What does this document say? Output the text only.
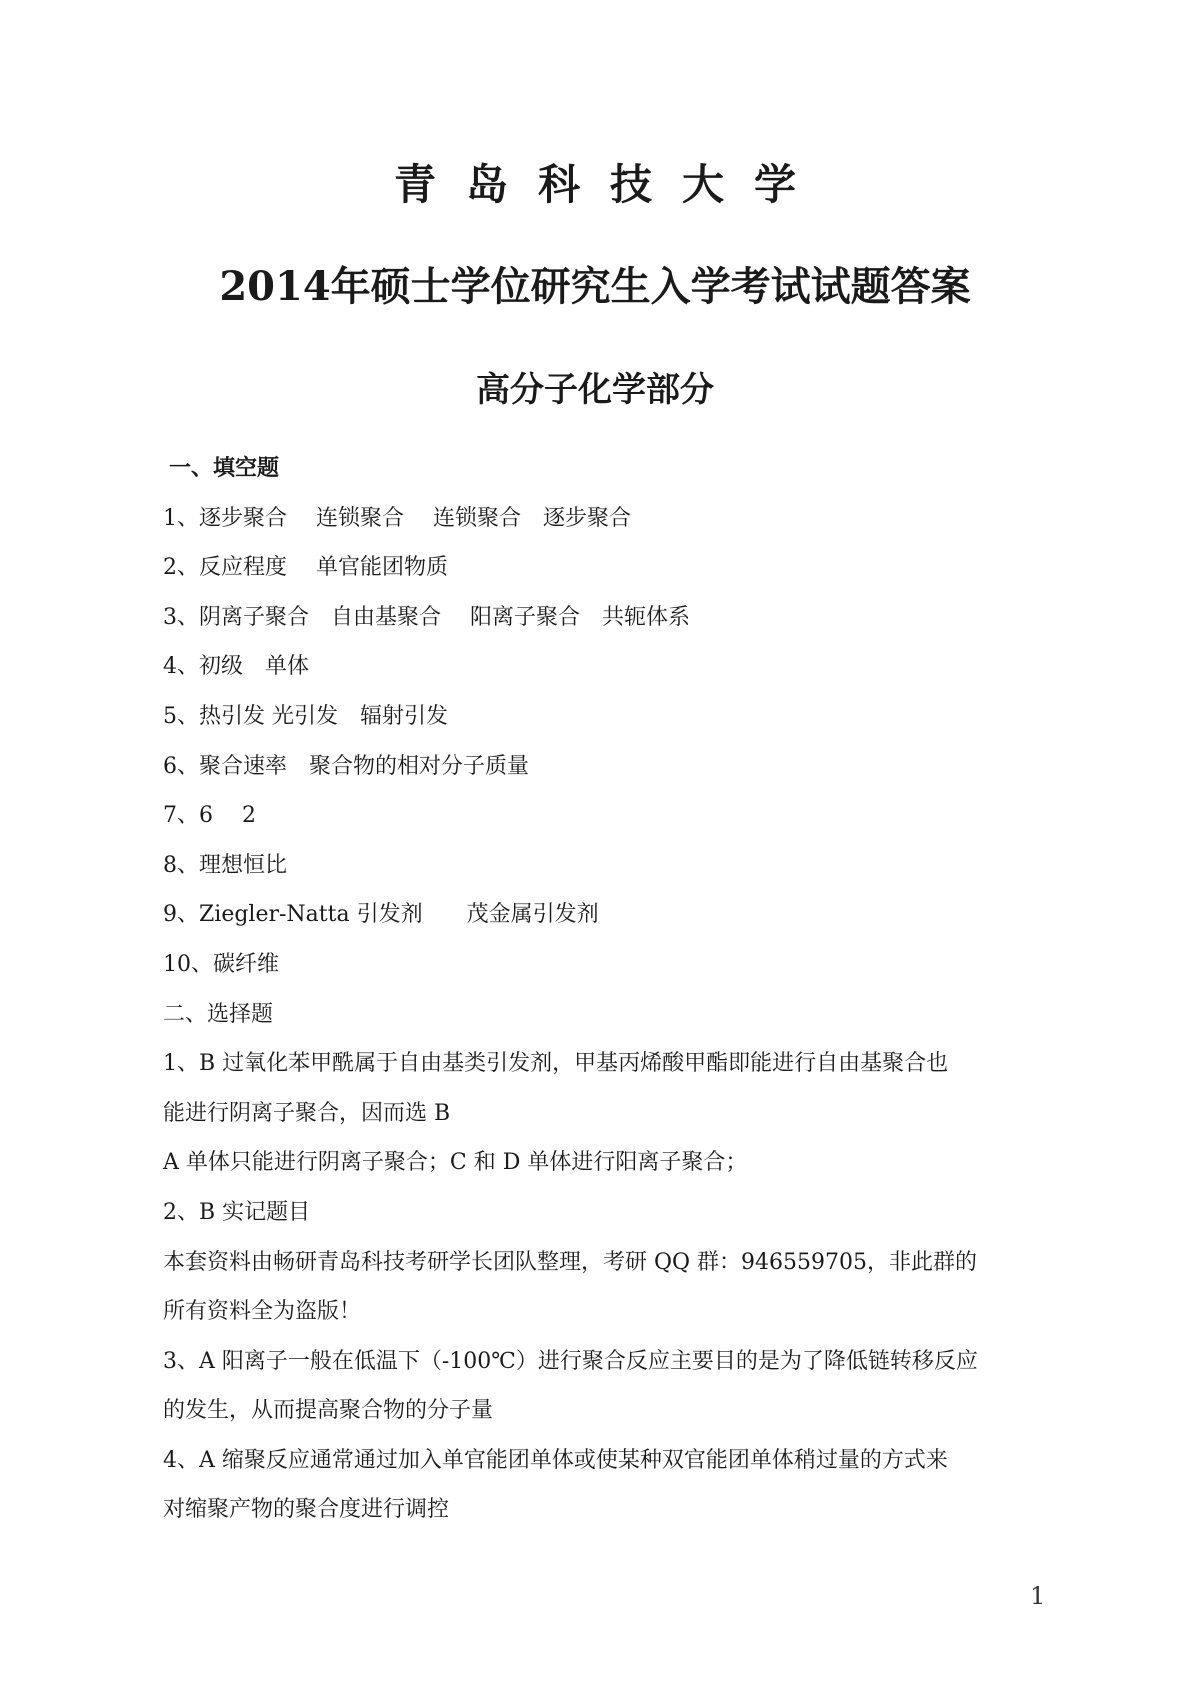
青岛科技大学
2014年硕士学位研究生入学考试试题答案
高分子化学部分
一、填空题
1、逐步聚合　 连锁聚合　 连锁聚合　逐步聚合
2、反应程度　 单官能团物质
3、阴离子聚合　自由基聚合　 阳离子聚合　共轭体系
4、初级　单体
5、热引发 光引发　辐射引发
6、聚合速率　聚合物的相对分子质量
7、6　 2
8、理想恒比
9、Ziegler-Natta 引发剂　　茂金属引发剂
10、碳纤维
二、选择题
1、B 过氧化苯甲酰属于自由基类引发剂，甲基丙烯酸甲酯即能进行自由基聚合也
能进行阴离子聚合，因而选 B
A 单体只能进行阴离子聚合；C 和 D 单体进行阳离子聚合；
2、B 实记题目
本套资料由畅研青岛科技考研学长团队整理，考研 QQ 群：946559705，非此群的
所有资料全为盗版！
3、A 阳离子一般在低温下（-100℃）进行聚合反应主要目的是为了降低链转移反应
的发生，从而提高聚合物的分子量
4、A 缩聚反应通常通过加入单官能团单体或使某种双官能团单体稍过量的方式来
对缩聚产物的聚合度进行调控
1
